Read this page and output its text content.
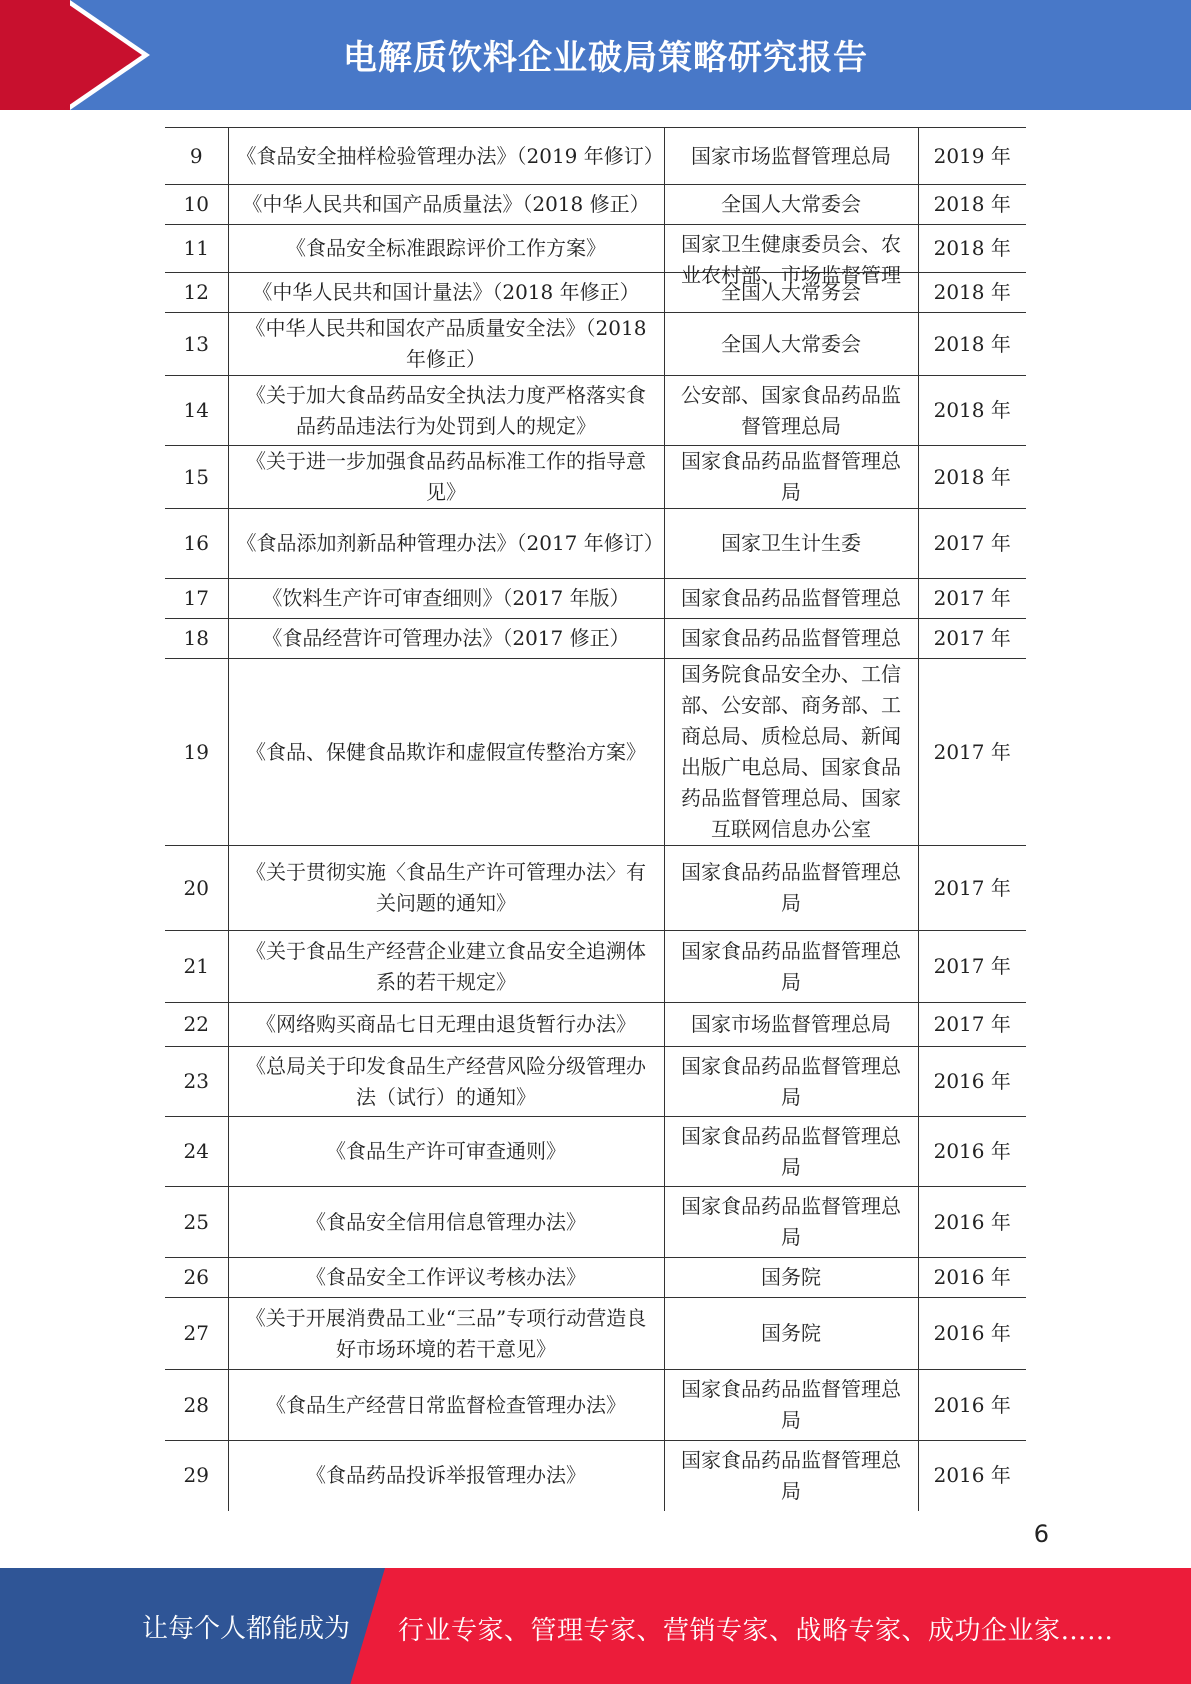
电解质饮料企业破局策略研究报告
9	《食品安全抽样检验管理办法》（2019 年修订）	国家市场监督管理总局	2019 年
10	《中华人民共和国产品质量法》（2018 修正）	全国人大常委会	2018 年
11	《食品安全标准跟踪评价工作方案》	国家卫生健康委员会、农业农村部、市场监督管理	2018 年
12	《中华人民共和国计量法》（2018 年修正）	全国人大常务会	2018 年
13	《中华人民共和国农产品质量安全法》（2018 年修正）	全国人大常委会	2018 年
14	《关于加大食品药品安全执法力度严格落实食品药品违法行为处罚到人的规定》	公安部、国家食品药品监督管理总局	2018 年
15	《关于进一步加强食品药品标准工作的指导意见》	国家食品药品监督管理总局	2018 年
16	《食品添加剂新品种管理办法》（2017 年修订）	国家卫生计生委	2017 年
17	《饮料生产许可审查细则》（2017 年版）	国家食品药品监督管理总	2017 年
18	《食品经营许可管理办法》（2017 修正）	国家食品药品监督管理总	2017 年
19	《食品、保健食品欺诈和虚假宣传整治方案》	国务院食品安全办、工信部、公安部、商务部、工商总局、质检总局、新闻出版广电总局、国家食品药品监督管理总局、国家互联网信息办公室	2017 年
20	《关于贯彻实施〈食品生产许可管理办法〉有关问题的通知》	国家食品药品监督管理总局	2017 年
21	《关于食品生产经营企业建立食品安全追溯体系的若干规定》	国家食品药品监督管理总局	2017 年
22	《网络购买商品七日无理由退货暂行办法》	国家市场监督管理总局	2017 年
23	《总局关于印发食品生产经营风险分级管理办法（试行）的通知》	国家食品药品监督管理总局	2016 年
24	《食品生产许可审查通则》	国家食品药品监督管理总局	2016 年
25	《食品安全信用信息管理办法》	国家食品药品监督管理总局	2016 年
26	《食品安全工作评议考核办法》	国务院	2016 年
27	《关于开展消费品工业“三品”专项行动营造良好市场环境的若干意见》	国务院	2016 年
28	《食品生产经营日常监督检查管理办法》	国家食品药品监督管理总局	2016 年
29	《食品药品投诉举报管理办法》	国家食品药品监督管理总局	2016 年
6
让每个人都能成为 行业专家、管理专家、营销专家、战略专家、成功企业家……
